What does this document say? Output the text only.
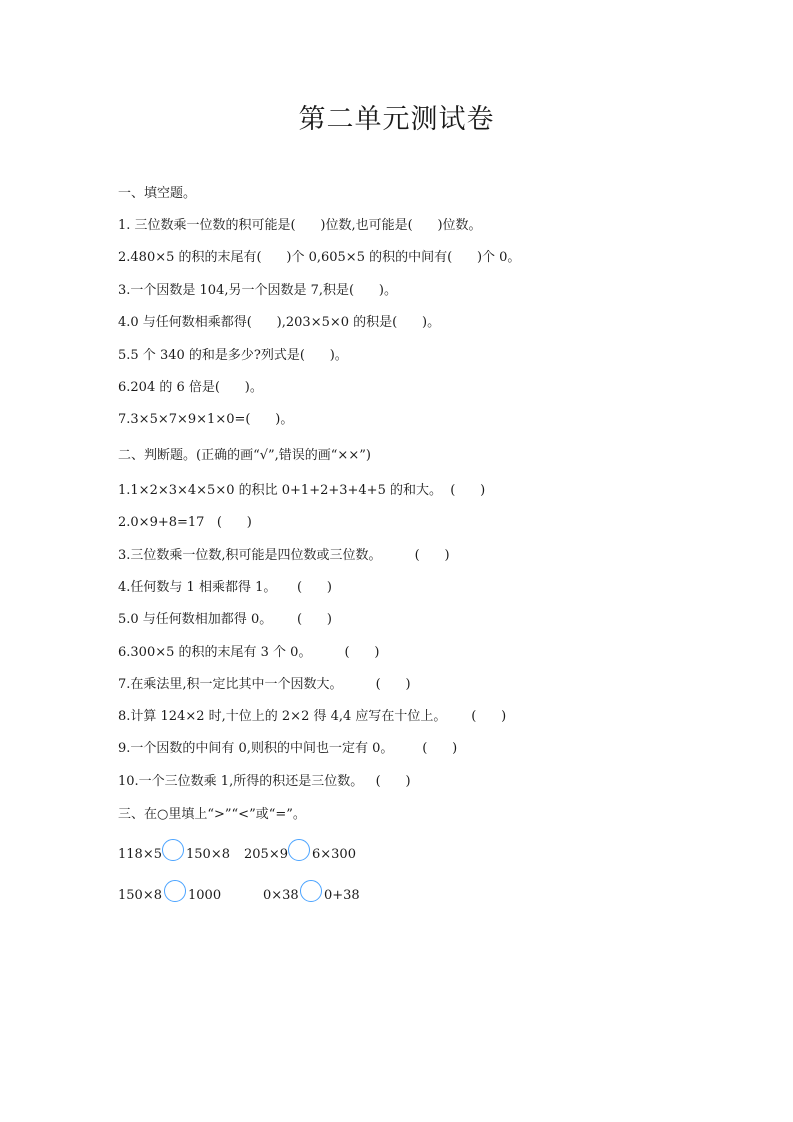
第二单元测试卷
一、填空题。
1. 三位数乘一位数的积可能是(      )位数,也可能是(      )位数。
2.480×5 的积的末尾有(      )个 0,605×5 的积的中间有(      )个 0。
3.一个因数是 104,另一个因数是 7,积是(      )。
4.0 与任何数相乘都得(      ),203×5×0 的积是(      )。
5.5 个 340 的和是多少?列式是(      )。
6.204 的 6 倍是(      )。
7.3×5×7×9×1×0=(      )。
二、判断题。(正确的画“√”,错误的画“××”)
1.1×2×3×4×5×0 的积比 0+1+2+3+4+5 的和大。  (      )
2.0×9+8=17   (      )
3.三位数乘一位数,积可能是四位数或三位数。        (      )
4.任何数与 1 相乘都得 1。     (      )
5.0 与任何数相加都得 0。      (      )
6.300×5 的积的末尾有 3 个 0。        (      )
7.在乘法里,积一定比其中一个因数大。        (      )
8.计算 124×2 时,十位上的 2×2 得 4,4 应写在十位上。      (      )
9.一个因数的中间有 0,则积的中间也一定有 0。       (      )
10.一个三位数乘 1,所得的积还是三位数。   (      )
三、在○里填上“>”“<”或“=”。

118×5

150×8

205×9

6×300

150×8

1000

	0×38

0+38
